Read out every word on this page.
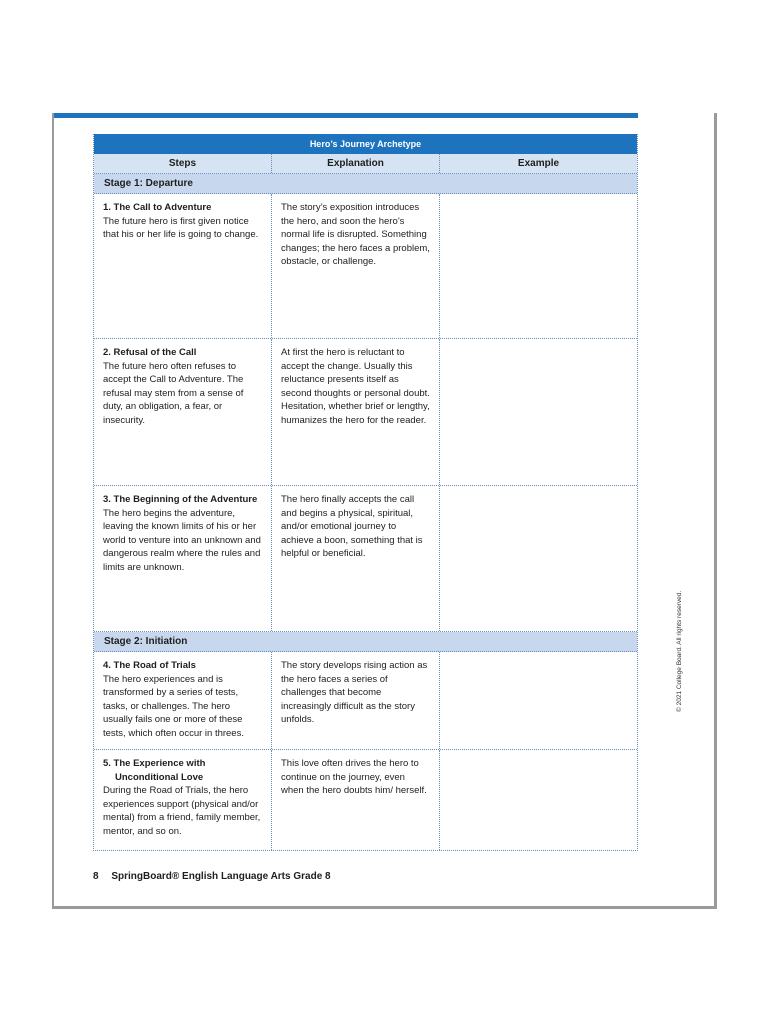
Hero’s Journey Archetype
Steps	Explanation	Example
Stage 1: Departure
1. The Call to Adventure
The future hero is first given notice that his or her life is going to change.
The story’s exposition introduces the hero, and soon the hero’s normal life is disrupted. Something changes; the hero faces a problem, obstacle, or challenge.
2. Refusal of the Call
The future hero often refuses to accept the Call to Adventure. The refusal may stem from a sense of duty, an obligation, a fear, or insecurity.
At first the hero is reluctant to accept the change. Usually this reluctance presents itself as second thoughts or personal doubt. Hesitation, whether brief or lengthy, humanizes the hero for the reader.
3. The Beginning of the Adventure
The hero begins the adventure, leaving the known limits of his or her world to venture into an unknown and dangerous realm where the rules and limits are unknown.
The hero finally accepts the call and begins a physical, spiritual, and/or emotional journey to achieve a boon, something that is helpful or beneficial.
Stage 2: Initiation
4. The Road of Trials
The hero experiences and is transformed by a series of tests, tasks, or challenges. The hero usually fails one or more of these tests, which often occur in threes.
The story develops rising action as the hero faces a series of challenges that become increasingly difficult as the story unfolds.
5. The Experience with
Unconditional Love
During the Road of Trials, the hero experiences support (physical and/or mental) from a friend, family member, mentor, and so on.
This love often drives the hero to continue on the journey, even when the hero doubts him/ herself.
8 SpringBoard® English Language Arts Grade 8
© 2021 College Board. All rights reserved.
